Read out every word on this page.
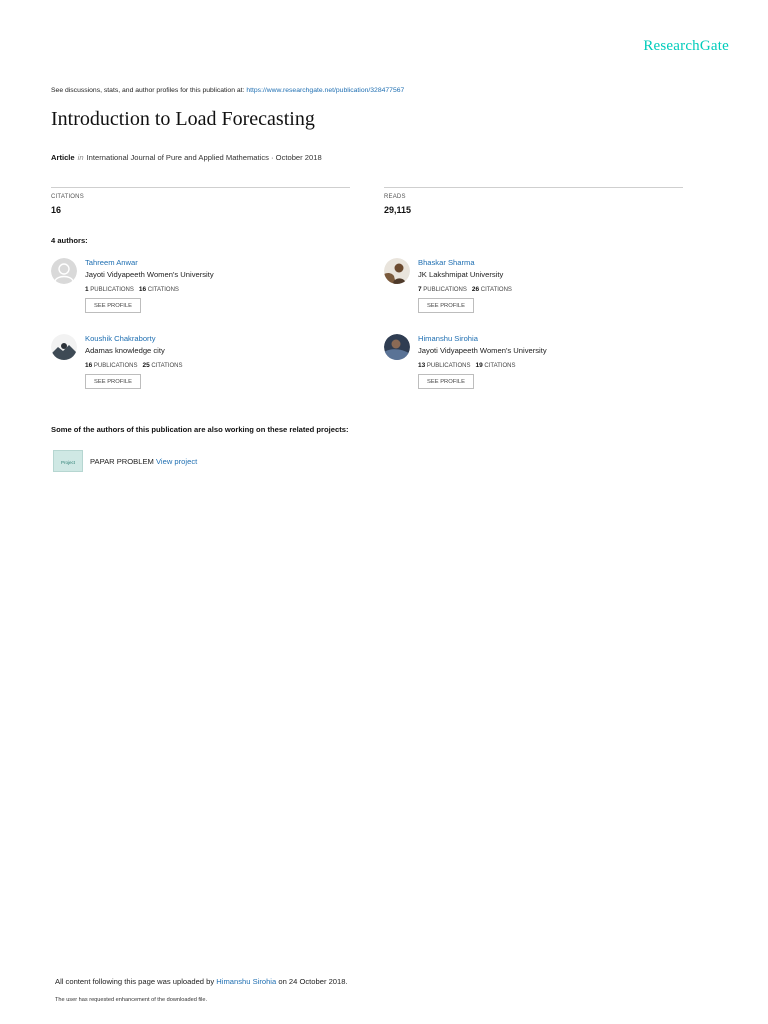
ResearchGate
See discussions, stats, and author profiles for this publication at: https://www.researchgate.net/publication/328477567
Introduction to Load Forecasting
Article in International Journal of Pure and Applied Mathematics · October 2018
CITATIONS
16
READS
29,115
4 authors:
Tahreem Anwar
Jayoti Vidyapeeth Women's University
1 PUBLICATIONS 16 CITATIONS
SEE PROFILE
Bhaskar Sharma
JK Lakshmipat University
7 PUBLICATIONS 26 CITATIONS
SEE PROFILE
Koushik Chakraborty
Adamas knowledge city
16 PUBLICATIONS 25 CITATIONS
SEE PROFILE
Himanshu Sirohia
Jayoti Vidyapeeth Women's University
13 PUBLICATIONS 19 CITATIONS
SEE PROFILE
Some of the authors of this publication are also working on these related projects:
Project	PAPAR PROBLEM View project
All content following this page was uploaded by Himanshu Sirohia on 24 October 2018.
The user has requested enhancement of the downloaded file.
